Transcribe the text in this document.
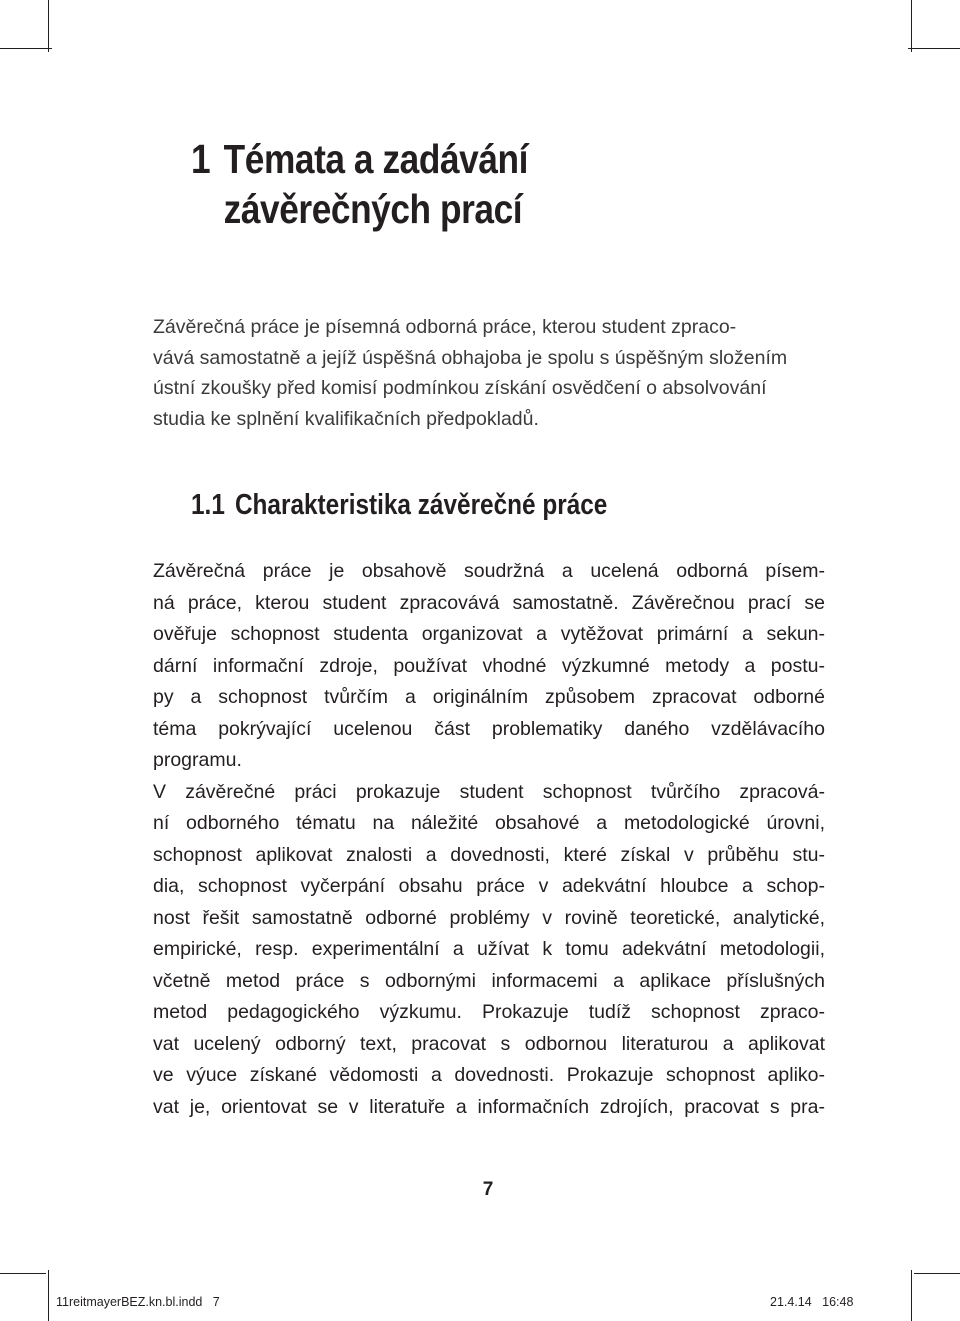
1 Témata a zadávání
závěrečných prací

Závěrečná práce je písemná odborná práce, kterou student zpraco-
vává samostatně a jejíž úspěšná obhajoba je spolu s úspěšným složením
ústní zkoušky před komisí podmínkou získání osvědčení o absolvování
studia ke splnění kvalifikačních předpokladů.

1.1 Charakteristika závěrečné práce
Závěrečná práce je obsahově soudržná a ucelená odborná písem-
ná práce, kterou student zpracovává samostatně. Závěrečnou prací se
ověřuje schopnost studenta organizovat a vytěžovat primární a sekun-
dární informační zdroje, používat vhodné výzkumné metody a postu-
py a schopnost tvůrčím a originálním způsobem zpracovat odborné
téma pokrývající ucelenou část problematiky daného vzdělávacího
programu.
V závěrečné práci prokazuje student schopnost tvůrčího zpracová-
ní odborného tématu na náležité obsahové a metodologické úrovni,
schopnost aplikovat znalosti a dovednosti, které získal v průběhu stu-
dia, schopnost vyčerpání obsahu práce v adekvátní hloubce a schop-
nost řešit samostatně odborné problémy v rovině teoretické, analytické,
empirické, resp. experimentální a užívat k tomu adekvátní metodologii,
včetně metod práce s odbornými informacemi a aplikace příslušných
metod pedagogického výzkumu. Prokazuje tudíž schopnost zpraco-
vat ucelený odborný text, pracovat s odbornou literaturou a aplikovat
ve výuce získané vědomosti a dovednosti. Prokazuje schopnost apliko-
vat je, orientovat se v literatuře a informačních zdrojích, pracovat s pra-
7
11reitmayerBEZ.kn.bl.indd   7	21.4.14   16:48
